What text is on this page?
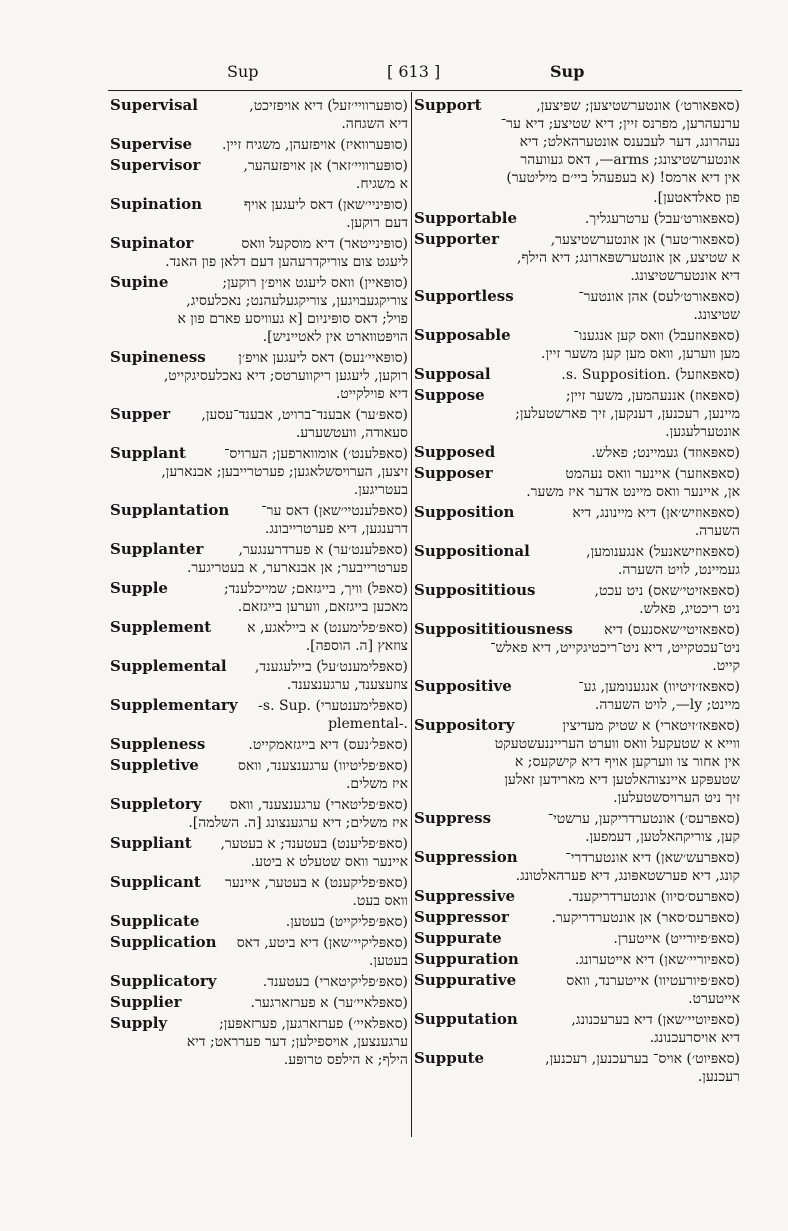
Sup	[ 613 ]	Sup
Supervisal	(סופּערוויי׳זעל) דיא אויפזיכט,
דיא השגחה.
Supervise	(סופּערוואיז) אויפזעהן, משגיח זיין.
Supervisor	(סופּערוויי׳זאר) אן אויפזעהער,
א משגיח.
Supination	(סופּיניי׳שאן) דאס ליעגען אויף
דעם רוקען.
Supinator	(סופּינייטאר) דיא מוסקעל וואס
ליעגט צום צוריקדרעהען דעם דלאן פון האנד.
Supine	(סופּאיין) וואס ליעגט אויפ׳ן רוקען;
צוריקגעבויגען, צוריקגעלעהנט; נאכלעסיג,
פויל; דאס סופּיניום [א געוויסע פארם פון א
הויפּטווארט אין לאטייניש].
Supineness	(סופּאיי׳נעס) דאס ליעגען אויפ׳ן
רוקען, ליעגען ריקווערטס; דיא נאכלעסיגקייט,
דיא פוילקייט.
Supper	(סאפּ׳ער) אבענד־ברויט, אבענד־עסען,
סעאודה, וועטשערע.
Supplant	(סאפּלענט׳) אומווארפען; הערויס־
זיצען, הערויסשלאגען; פערטרייבען; אבנארען,
בעטריגען.
Supplantation	(סאפּלענטיי׳שאן) דאס ער־
דרענגען, דיא פערטרייבונג.
Supplanter	(סאפּלענט׳ער) א פערדרענגער,
פערטרייבער; אן אבנארער, א בעטריגער.
Supple	(סאפּל) וויך, בייגזאם; שמייכלענד;
מאכען בייגזאם, ווערען בייגזאם.
Supplement	(סאפּ׳פלימענט) א ביילאגע, א
צוזאץ [ה. הוספה].
Supplemental	(סאפּלימענט׳על) ביילעגענד,
צוזעצענד, ערגענצענד.
Supplementary	(סאפּלימענטערי) .s. Sup-
plemental-.
Suppleness	(סאפּל׳נעס) דיא בייגזאמקייט.
Suppletive	(סאפּ׳פליטיוו) ערגענצענד, וואס
איז משלים.
Suppletory	(סאפּ׳פליטארי) ערגענצענד, וואס
איז משלים; דיא ערגענצונג [ה. השלמה].
Suppliant	(סאפּ׳פליענט) בעטענד; א בעטער,
איינער וואס שטעלט א ביטע.
Supplicant	(סאפּ׳פליקענט) א בעטער, איינער
וואס בעט.
Supplicate	(סאפּ׳פליקייט) בעטען.
Supplication	(סאפּליקיי׳שאן) דיא ביטע, דאס
בעטען.
Supplicatory	(סאפּ׳פליקיטארי) בעטענד.
Supplier	(סאפּלאיי׳ער) א פערזארגער.
Supply	(סאפּלאיי׳) פערזארגען, פערזאפּען;
ערגענצען, אויספילען; דער פערראט; דיא
הילף; א הילפס טרופּע.
Support	(סאפּאורט׳) אונטערשטיצען; שפּיצען,
ערנעהרען, מפרנס זיין; דיא שטיצע; דיא ער־
נעהרונג, דער לעבענס אונטערהאלט; דיא
אונטערשטיצונג; arms—, דאס געוועהר
אין דיא ארמס! (א בעפעהל ביי׳ם מיליטער)
פון סאלדאטען].
Supportable	(סאפּאורט׳עבל) ערטרעגליך.
Supporter	(סאפּאור׳טער) אן אונטערשטיצער,
א שטיצע, אן אונטערשפּארונג; דיא הילף,
דיא אונטערשטיצונג.
Supportless	(סאפּאורט׳לעס) אהן אונטער־
שטיצונג.
Supposable	(סאפּאוזעבל) וואס קען אנגענו־
מען ווערען, וואס מען קען משער זיין.
Supposal	(סאפּאוזעל) .s. Supposition.
Suppose	(סאפּאוז) אננעהמען, משער זיין;
מיינען, רעכנען, דענקען, זיך פארשטעלען;
אונטערלעגען.
Supposed	(סאפּאוזד) געמיינט; פאלש.
Supposer	(סאפּאוזער) איינער וואס נעהמט
אן, איינער וואס מיינט אדער איז משער.
Supposition	(סאפּאוזיש׳אן) דיא מיינונג, דיא
השערה.
Suppositional	(סאפּאוזישאנעל) אנגענומען,
געמיינט, לויט השערה.
Supposititious	(סאפּאזיטי׳שאס) ניט עכט,
ניט ריכטיג, פאלש.
Supposititiousness	(סאפּאזיטי׳שאסנעס) דיא
ניט־עכטקייט, דיא ניט־ריכטיגקייט, דיא פאלש־
קייט.
Suppositive	(סאפּאז׳זיטיוו) אנגענומען, גע־
מיינט; ly—, לויט השערה.
Suppository	(סאפּאז׳זיטארי) א שטיק מעדיצין
ווייא א שטעקעל וואס ווערט הערייננעשטעקט
אין אחור צו ווערקען אויף דיא קישקעס; א
שטעפּקע איינצוהאלטען דיא מארידען זאלען
זיך ניט הערויסשטעלען.
Suppress	(סאפּרעס׳) אונטערדריקען, ערשטי־
קען, צוריקהאלטען, דעמפען.
Suppression	(סאפּרעש׳שאן) דיא אונטערדרי־
קונג, דיא פערשטאפּונג, דיא פערהאלטונג.
Suppressive	(סאפּרעס׳סיוו) אונטערדריקענד.
Suppressor	(סאפּרעס׳סאר) אן אונטערדריקער.
Suppurate	(סאפּ׳פיורייט) אייטערן.
Suppuration	(סאפּיוריי׳שאן) דיא אייטערונג.
Suppurative	(סאפּ׳פיורעטיוו) אייטערנד, וואס
אייטערט.
Supputation	(סאפּיוטיי׳שאן) דיא בערעכנונג,
דיא אויסרעכנונג.
Suppute	(סאפּיוט׳) אויס־ בערעכנען, רעכנען,
רעכנען.
